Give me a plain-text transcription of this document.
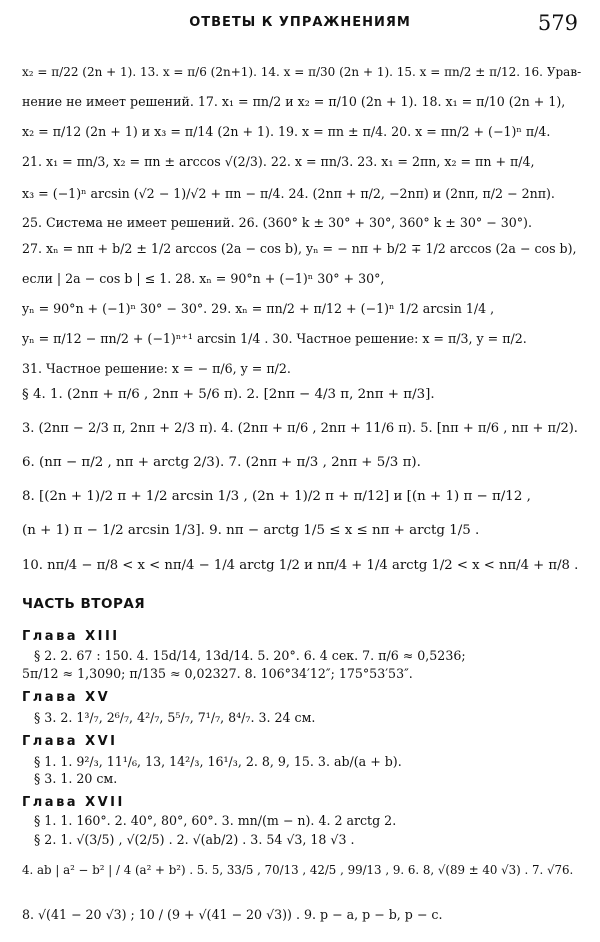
ОТВЕТЫ К УПРАЖНЕНИЯМ	579
x₂ = π/22 (2n + 1). 13. x = π/6 (2n+1). 14. x = π/30 (2n + 1). 15. x = πn/2 ± π/12. 16. Урав-
нение не имеет решений. 17. x₁ = πn/2 и x₂ = π/10 (2n + 1). 18. x₁ = π/10 (2n + 1),
x₂ = π/12 (2n + 1) и x₃ = π/14 (2n + 1). 19. x = πn ± π/4. 20. x = πn/2 + (−1)ⁿ π/4.
21. x₁ = πn/3, x₂ = πn ± arccos √(2/3). 22. x = πn/3. 23. x₁ = 2πn, x₂ = πn + π/4,
x₃ = (−1)ⁿ arcsin (√2 − 1)/√2 + πn − π/4. 24. (2nπ + π/2, −2nπ) и (2nπ, π/2 − 2nπ).
25. Система не имеет решений. 26. (360° k ± 30° + 30°, 360° k ± 30° − 30°).
27. xₙ = nπ + b/2 ± 1/2 arccos (2a − cos b), yₙ = − nπ + b/2 ∓ 1/2 arccos (2a − cos b),
если | 2a − cos b | ≤ 1. 28. xₙ = 90°n + (−1)ⁿ 30° + 30°,
yₙ = 90°n + (−1)ⁿ 30° − 30°. 29. xₙ = πn/2 + π/12 + (−1)ⁿ 1/2 arcsin 1/4 ,
yₙ = π/12 − πn/2 + (−1)ⁿ⁺¹ arcsin 1/4 . 30. Частное решение: x = π/3, y = π/2.
31. Частное решение: x = − π/6, y = π/2.
§ 4. 1. (2nπ + π/6 , 2nπ + 5/6 π). 2. [2nπ − 4/3 π, 2nπ + π/3].
3. (2nπ − 2/3 π, 2nπ + 2/3 π). 4. (2nπ + π/6 , 2nπ + 11/6 π). 5. [nπ + π/6 , nπ + π/2).
6. (nπ − π/2 , nπ + arctg 2/3). 7. (2nπ + π/3 , 2nπ + 5/3 π).
8. [(2n + 1)/2 π + 1/2 arcsin 1/3 , (2n + 1)/2 π + π/12] и [(n + 1) π − π/12 ,
(n + 1) π − 1/2 arcsin 1/3]. 9. nπ − arctg 1/5 ≤ x ≤ nπ + arctg 1/5 .
10. nπ/4 − π/8 < x < nπ/4 − 1/4 arctg 1/2 и nπ/4 + 1/4 arctg 1/2 < x < nπ/4 + π/8 .
ЧАСТЬ ВТОРАЯ
Глава XIII
§ 2. 2. 67 : 150. 4. 15d/14, 13d/14. 5. 20°. 6. 4 сек. 7. π/6 ≈ 0,5236;
5π/12 ≈ 1,3090; π/135 ≈ 0,02327. 8. 106°34′12″; 175°53′53″.
Глава XV
§ 3. 2. 1³/₇, 2⁶/₇, 4²/₇, 5⁵/₇, 7¹/₇, 8⁴/₇. 3. 24 см.
Глава XVI
§ 1. 1. 9²/₃, 11¹/₆, 13, 14²/₃, 16¹/₃, 2. 8, 9, 15. 3. ab/(a + b).
§ 3. 1. 20 см.
Глава XVII
§ 1. 1. 160°. 2. 40°, 80°, 60°. 3. mn/(m − n). 4. 2 arctg 2.
§ 2. 1. √(3/5) , √(2/5) . 2. √(ab/2) . 3. 54 √3, 18 √3 .
4. ab | a² − b² | / 4 (a² + b²) . 5. 5, 33/5 , 70/13 , 42/5 , 99/13 , 9. 6. 8, √(89 ± 40 √3) . 7. √76.
8. √(41 − 20 √3) ; 10 / (9 + √(41 − 20 √3)) . 9. p − a, p − b, p − c.
